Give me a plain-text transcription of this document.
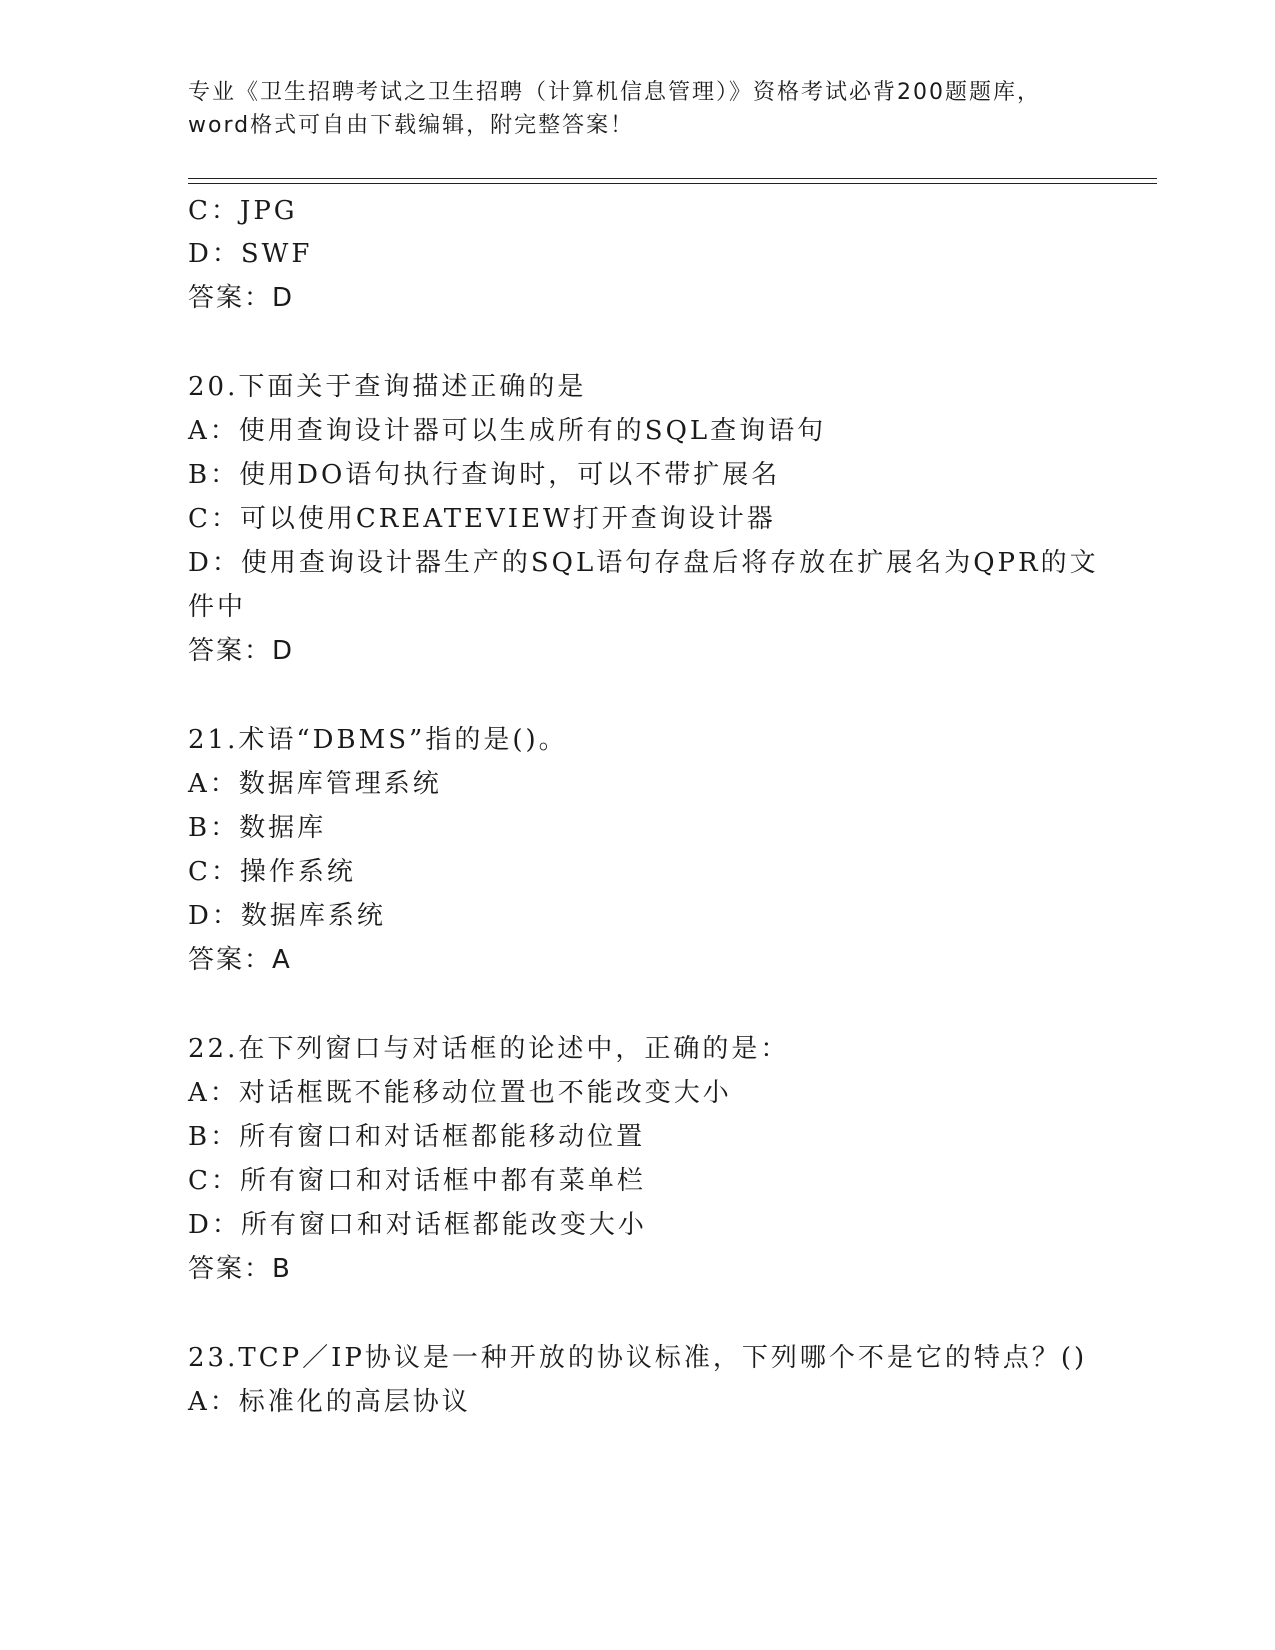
专业《卫生招聘考试之卫生招聘（计算机信息管理）》资格考试必背200题题库，
word格式可自由下载编辑，附完整答案！
C：JPG
D：SWF
答案：D
20.下面关于查询描述正确的是
A：使用查询设计器可以生成所有的SQL查询语句
B：使用DO语句执行查询时，可以不带扩展名
C：可以使用CREATEVIEW打开查询设计器
D：使用查询设计器生产的SQL语句存盘后将存放在扩展名为QPR的文
件中
答案：D
21.术语“DBMS”指的是()。
A：数据库管理系统
B：数据库
C：操作系统
D：数据库系统
答案：A
22.在下列窗口与对话框的论述中，正确的是：
A：对话框既不能移动位置也不能改变大小
B：所有窗口和对话框都能移动位置
C：所有窗口和对话框中都有菜单栏
D：所有窗口和对话框都能改变大小
答案：B
23.TCP／IP协议是一种开放的协议标准，下列哪个不是它的特点？()
A：标准化的高层协议
